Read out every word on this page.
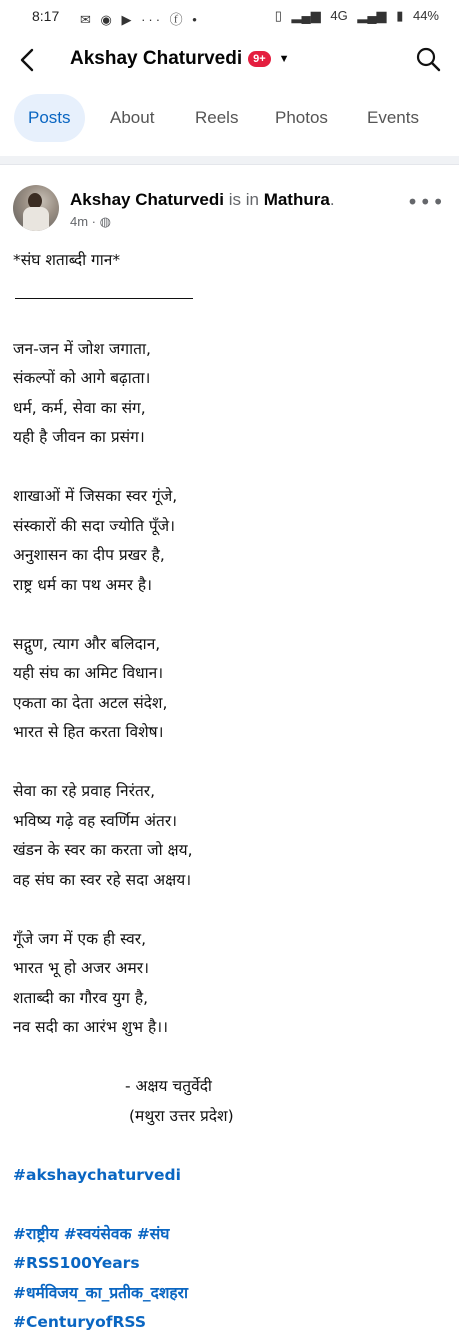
8:17 ✉ ◉ ▶ ··· ⓕ •	▯ ▂▄▆ 4G ▂▄▆ ▮ 44%
Akshay Chaturvedi 9+ ▼
Posts	About Reels Photos Events
Akshay Chaturvedi is in Mathura.
4m · ◍
•••
*संघ शताब्दी गान*
जन-जन में जोश जगाता,
संकल्पों को आगे बढ़ाता।
धर्म, कर्म, सेवा का संग,
यही है जीवन का प्रसंग।
शाखाओं में जिसका स्वर गूंजे,
संस्कारों की सदा ज्योति पूँजे।
अनुशासन का दीप प्रखर है,
राष्ट्र धर्म का पथ अमर है।
सद्गुण, त्याग और बलिदान,
यही संघ का अमिट विधान।
एकता का देता अटल संदेश,
भारत से हित करता विशेष।
सेवा का रहे प्रवाह निरंतर,
भविष्य गढ़े वह स्वर्णिम अंतर।
खंडन के स्वर का करता जो क्षय,
वह संघ का स्वर रहे सदा अक्षय।
गूँजे जग में एक ही स्वर,
भारत भू हो अजर अमर।
शताब्दी का गौरव युग है,
नव सदी का आरंभ शुभ है।।
- अक्षय चतुर्वेदी
(मथुरा उत्तर प्रदेश)
#akshaychaturvedi
#राष्ट्रीय #स्वयंसेवक #संघ
#RSS100Years
#धर्मविजय_का_प्रतीक_दशहरा
#CenturyofRSS
